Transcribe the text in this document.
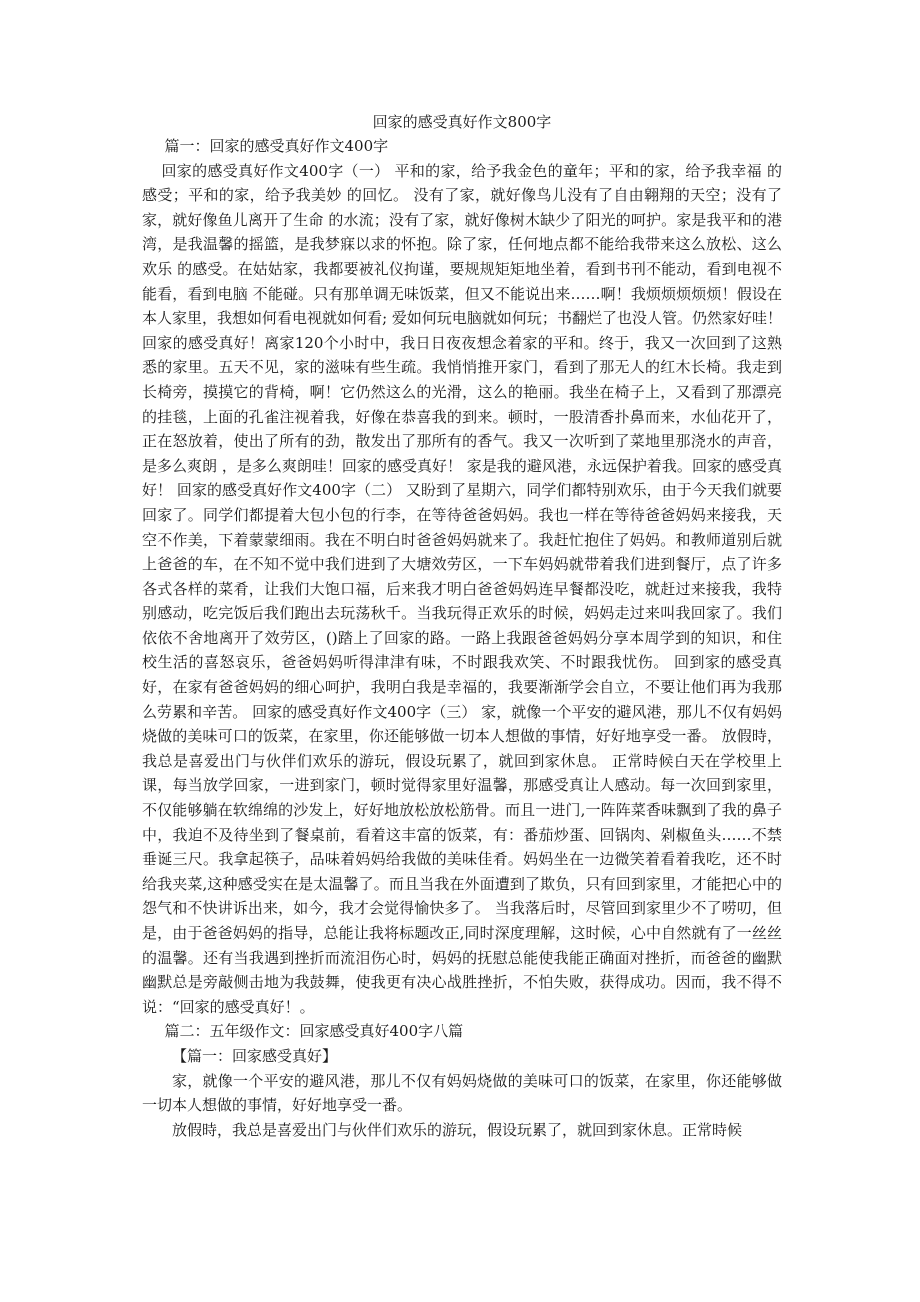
回家的感受真好作文800字

篇一：回家的感受真好作文400字

回家的感受真好作文400字（一） 平和的家，给予我金色的童年；平和的家，给予我幸福 的感受；平和的家，给予我美妙 的回忆。 没有了家，就好像鸟儿没有了自由翱翔的天空；没有了家，就好像鱼儿离开了生命 的水流；没有了家，就好像树木缺少了阳光的呵护。家是我平和的港湾，是我温馨的摇篮，是我梦寐以求的怀抱。除了家，任何地点都不能给我带来这么放松、这么欢乐 的感受。在姑姑家，我都要被礼仪拘谨，要规规矩矩地坐着，看到书刊不能动，看到电视不能看，看到电脑 不能碰。只有那单调无味饭菜，但又不能说出来……啊！我烦烦烦烦烦！假设在本人家里，我想如何看电视就如何看; 爱如何玩电脑就如何玩；书翻烂了也没人管。仍然家好哇！ 回家的感受真好！离家120个小时中，我日日夜夜想念着家的平和。终于，我又一次回到了这熟悉的家里。五天不见，家的滋味有些生疏。我悄悄推开家门，看到了那无人的红木长椅。我走到长椅旁，摸摸它的背椅，啊！它仍然这么的光滑，这么的艳丽。我坐在椅子上，又看到了那漂亮 的挂毯，上面的孔雀注视着我，好像在恭喜我的到来。顿时，一股清香扑鼻而来，水仙花开了，正在怒放着，使出了所有的劲，散发出了那所有的香气。我又一次听到了菜地里那浇水的声音，是多么爽朗 ，是多么爽朗哇！回家的感受真好！ 家是我的避风港，永远保护着我。回家的感受真好！ 回家的感受真好作文400字（二） 又盼到了星期六，同学们都特别欢乐，由于今天我们就要回家了。同学们都提着大包小包的行李，在等待爸爸妈妈。我也一样在等待爸爸妈妈来接我，天空不作美，下着蒙蒙细雨。我在不明白时爸爸妈妈就来了。我赶忙抱住了妈妈。和教师道别后就上爸爸的车，在不知不觉中我们进到了大塘效劳区，一下车妈妈就带着我们进到餐厅，点了许多各式各样的菜肴，让我们大饱口福，后来我才明白爸爸妈妈连早餐都没吃，就赶过来接我，我特别感动，吃完饭后我们跑出去玩荡秋千。当我玩得正欢乐的时候，妈妈走过来叫我回家了。我们依依不舍地离开了效劳区，()踏上了回家的路。一路上我跟爸爸妈妈分享本周学到的知识，和住校生活的喜怒哀乐，爸爸妈妈听得津津有味，不时跟我欢笑、不时跟我忧伤。 回到家的感受真好，在家有爸爸妈妈的细心呵护，我明白我是幸福的，我要渐渐学会自立，不要让他们再为我那么劳累和辛苦。 回家的感受真好作文400字（三） 家，就像一个平安的避风港，那儿不仅有妈妈烧做的美味可口的饭菜，在家里，你还能够做一切本人想做的事情，好好地享受一番。 放假時，我总是喜爱出门与伙伴们欢乐的游玩，假设玩累了，就回到家休息。 正常時候白天在学校里上课，每当放学回家，一进到家门，顿时觉得家里好温馨，那感受真让人感动。每一次回到家里，不仅能够躺在软绵绵的沙发上，好好地放松放松筋骨。而且一进门,一阵阵菜香味飘到了我的鼻子中，我迫不及待坐到了餐桌前，看着这丰富的饭菜，有：番茄炒蛋、回锅肉、剁椒鱼头……不禁垂诞三尺。我拿起筷子，品味着妈妈给我做的美味佳肴。妈妈坐在一边微笑着看着我吃，还不时给我夹菜,这种感受实在是太温馨了。而且当我在外面遭到了欺负，只有回到家里，才能把心中的怨气和不快讲诉出来，如今，我才会觉得愉快多了。 当我落后时，尽管回到家里少不了唠叨，但是，由于爸爸妈妈的指导，总能让我将标题改正,同时深度理解，这时候，心中自然就有了一丝丝的温馨。还有当我遇到挫折而流泪伤心时，妈妈的抚慰总能使我能正确面对挫折，而爸爸的幽默幽默总是旁敲侧击地为我鼓舞，使我更有决心战胜挫折，不怕失败，获得成功。因而，我不得不说：“回家的感受真好！。

篇二：五年级作文：回家感受真好400字八篇

【篇一：回家感受真好】

家，就像一个平安的避风港，那儿不仅有妈妈烧做的美味可口的饭菜，在家里，你还能够做一切本人想做的事情，好好地享受一番。

放假時，我总是喜爱出门与伙伴们欢乐的游玩，假设玩累了，就回到家休息。正常時候
